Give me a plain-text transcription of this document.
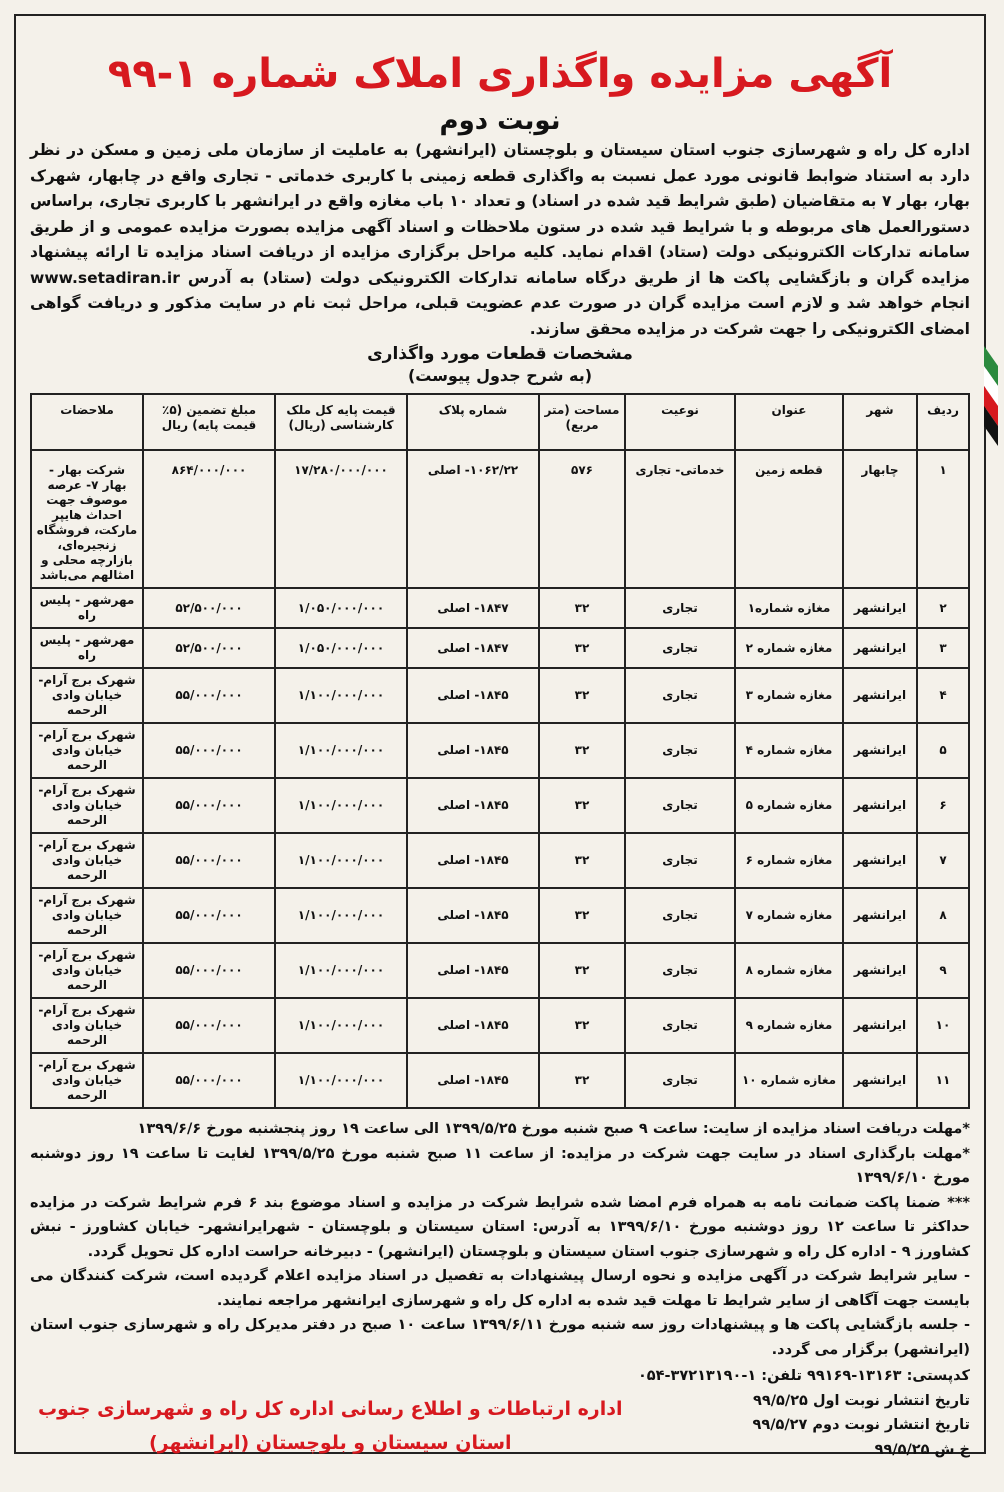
آگهی مزایده واگذاری املاک شماره ۱-۹۹
نوبت دوم

اداره کل راه و شهرسازی جنوب استان سیستان و بلوچستان (ایرانشهر) به عاملیت از سازمان ملی زمین و مسکن در نظر دارد به استناد ضوابط قانونی مورد عمل نسبت به واگذاری قطعه زمینی با کاربری خدماتی - تجاری واقع در چابهار، شهرک بهار، بهار ۷ به متقاضیان (طبق شرایط قید شده در اسناد) و تعداد ۱۰ باب مغازه واقع در ایرانشهر با کاربری تجاری، براساس دستورالعمل های مربوطه و با شرایط قید شده در ستون ملاحظات و اسناد آگهی مزایده بصورت مزایده عمومی و از طریق سامانه تدارکات الکترونیکی دولت (ستاد) اقدام نماید. کلیه مراحل برگزاری مزایده از دریافت اسناد مزایده تا ارائه پیشنهاد مزایده گران و بازگشایی پاکت ها از طریق درگاه سامانه تدارکات الکترونیکی دولت (ستاد) به آدرس www.setadiran.ir انجام خواهد شد و لازم است مزایده گران در صورت عدم عضویت قبلی، مراحل ثبت نام در سایت مذکور و دریافت گواهی امضای الکترونیکی را جهت شرکت در مزایده محقق سازند.

مشخصات قطعات مورد واگذاری
(به شرح جدول پیوست)
ردیف	شهر	عنوان	نوعیت	مساحت (متر مربع)	شماره پلاک	قیمت پایه کل ملک کارشناسی (ریال)	مبلغ تضمین (۵٪ قیمت پایه) ریال	ملاحضات
۱	چابهار	قطعه زمین	خدماتی- تجاری	۵۷۶	۱۰۶۲/۲۲- اصلی	۱۷/۲۸۰/۰۰۰/۰۰۰	۸۶۴/۰۰۰/۰۰۰	شرکت بهار - بهار ۷- عرصه موصوف جهت احداث هایپر مارکت، فروشگاه زنجیره‌ای، بازارچه محلی و امثالهم می‌باشد
۲	ایرانشهر	مغازه شماره۱	تجاری	۳۲	۱۸۴۷- اصلی	۱/۰۵۰/۰۰۰/۰۰۰	۵۲/۵۰۰/۰۰۰	مهرشهر - پلیس راه
۳	ایرانشهر	مغازه شماره ۲	تجاری	۳۲	۱۸۴۷- اصلی	۱/۰۵۰/۰۰۰/۰۰۰	۵۲/۵۰۰/۰۰۰	مهرشهر - پلیس راه
۴	ایرانشهر	مغازه شماره ۳	تجاری	۳۲	۱۸۴۵- اصلی	۱/۱۰۰/۰۰۰/۰۰۰	۵۵/۰۰۰/۰۰۰	شهرک برج آرام- خیابان وادی الرحمه
۵	ایرانشهر	مغازه شماره ۴	تجاری	۳۲	۱۸۴۵- اصلی	۱/۱۰۰/۰۰۰/۰۰۰	۵۵/۰۰۰/۰۰۰	شهرک برج آرام- خیابان وادی الرحمه
۶	ایرانشهر	مغازه شماره ۵	تجاری	۳۲	۱۸۴۵- اصلی	۱/۱۰۰/۰۰۰/۰۰۰	۵۵/۰۰۰/۰۰۰	شهرک برج آرام- خیابان وادی الرحمه
۷	ایرانشهر	مغازه شماره ۶	تجاری	۳۲	۱۸۴۵- اصلی	۱/۱۰۰/۰۰۰/۰۰۰	۵۵/۰۰۰/۰۰۰	شهرک برج آرام- خیابان وادی الرحمه
۸	ایرانشهر	مغازه شماره ۷	تجاری	۳۲	۱۸۴۵- اصلی	۱/۱۰۰/۰۰۰/۰۰۰	۵۵/۰۰۰/۰۰۰	شهرک برج آرام- خیابان وادی الرحمه
۹	ایرانشهر	مغازه شماره ۸	تجاری	۳۲	۱۸۴۵- اصلی	۱/۱۰۰/۰۰۰/۰۰۰	۵۵/۰۰۰/۰۰۰	شهرک برج آرام- خیابان وادی الرحمه
۱۰	ایرانشهر	مغازه شماره ۹	تجاری	۳۲	۱۸۴۵- اصلی	۱/۱۰۰/۰۰۰/۰۰۰	۵۵/۰۰۰/۰۰۰	شهرک برج آرام- خیابان وادی الرحمه
۱۱	ایرانشهر	مغازه شماره ۱۰	تجاری	۳۲	۱۸۴۵- اصلی	۱/۱۰۰/۰۰۰/۰۰۰	۵۵/۰۰۰/۰۰۰	شهرک برج آرام- خیابان وادی الرحمه

*مهلت دریافت اسناد مزایده از سایت: ساعت ۹ صبح شنبه مورخ ۱۳۹۹/۵/۲۵ الی ساعت ۱۹ روز پنجشنبه مورخ ۱۳۹۹/۶/۶

*مهلت بارگذاری اسناد در سایت جهت شرکت در مزایده: از ساعت ۱۱ صبح شنبه مورخ ۱۳۹۹/۵/۲۵ لغایت تا ساعت ۱۹ روز دوشنبه مورخ ۱۳۹۹/۶/۱۰

*** ضمنا پاکت ضمانت نامه به همراه فرم امضا شده شرایط شرکت در مزایده و اسناد موضوع بند ۶ فرم شرایط شرکت در مزایده حداکثر تا ساعت ۱۲ روز دوشنبه مورخ ۱۳۹۹/۶/۱۰ به آدرس: استان سیستان و بلوچستان - شهرایرانشهر- خیابان کشاورز - نبش کشاورز ۹ - اداره کل راه و شهرسازی جنوب استان سیستان و بلوچستان (ایرانشهر) - دبیرخانه حراست اداره کل تحویل گردد.

- سایر شرایط شرکت در آگهی مزایده و نحوه ارسال پیشنهادات به تفصیل در اسناد مزایده اعلام گردیده است، شرکت کنندگان می بایست جهت آگاهی از سایر شرایط تا مهلت قید شده به اداره کل راه و شهرسازی ایرانشهر مراجعه نمایند.

- جلسه بازگشایی پاکت ها و پیشنهادات روز سه شنبه مورخ ۱۳۹۹/۶/۱۱ ساعت ۱۰ صبح در دفتر مدیرکل راه و شهرسازی جنوب استان (ایرانشهر) برگزار می گردد.

کدپستی: ۱۳۱۶۳-۹۹۱۶۹ تلفن: ۱-۳۷۲۱۳۱۹۰-۰۵۴
تاریخ انتشار نوبت اول ۹۹/۵/۲۵
تاریخ انتشار نوبت دوم ۹۹/۵/۲۷
خ ش ۹۹/۵/۲۵
اداره ارتباطات و اطلاع رسانی اداره کل راه و شهرسازی جنوب
استان سیستان و بلوچستان (ایرانشهر)
